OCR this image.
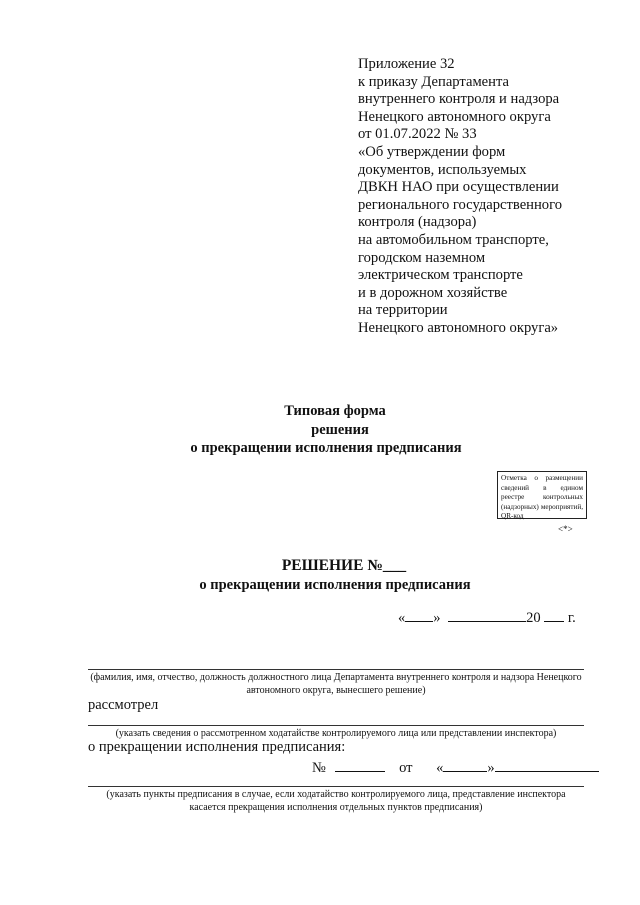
Приложение 32
к приказу Департамента
внутреннего контроля и надзора
Ненецкого автономного округа
от 01.07.2022 № 33
«Об утверждении форм
документов, используемых
ДВКН НАО при осуществлении
регионального государственного
контроля (надзора)
на автомобильном транспорте,
городском наземном
электрическом транспорте
и в дорожном хозяйстве
на территории
Ненецкого автономного округа»
Типовая форма
решения
о прекращении исполнения предписания
Отметка о размещении сведений в едином реестре контрольных (надзорных) мероприятий, QR-код
<*>
РЕШЕНИЕ №___
о прекращении исполнения предписания
« »	20 г.
(фамилия, имя, отчество, должность должностного лица Департамента внутреннего контроля и надзора Ненецкого автономного округа, вынесшего решение)
рассмотрел
(указать сведения о рассмотренном ходатайстве контролируемого лица или представлении инспектора)
о прекращении исполнения предписания:
№	от «	»
(указать пункты предписания в случае, если ходатайство контролируемого лица, представление инспектора касается прекращения исполнения отдельных пунктов предписания)
